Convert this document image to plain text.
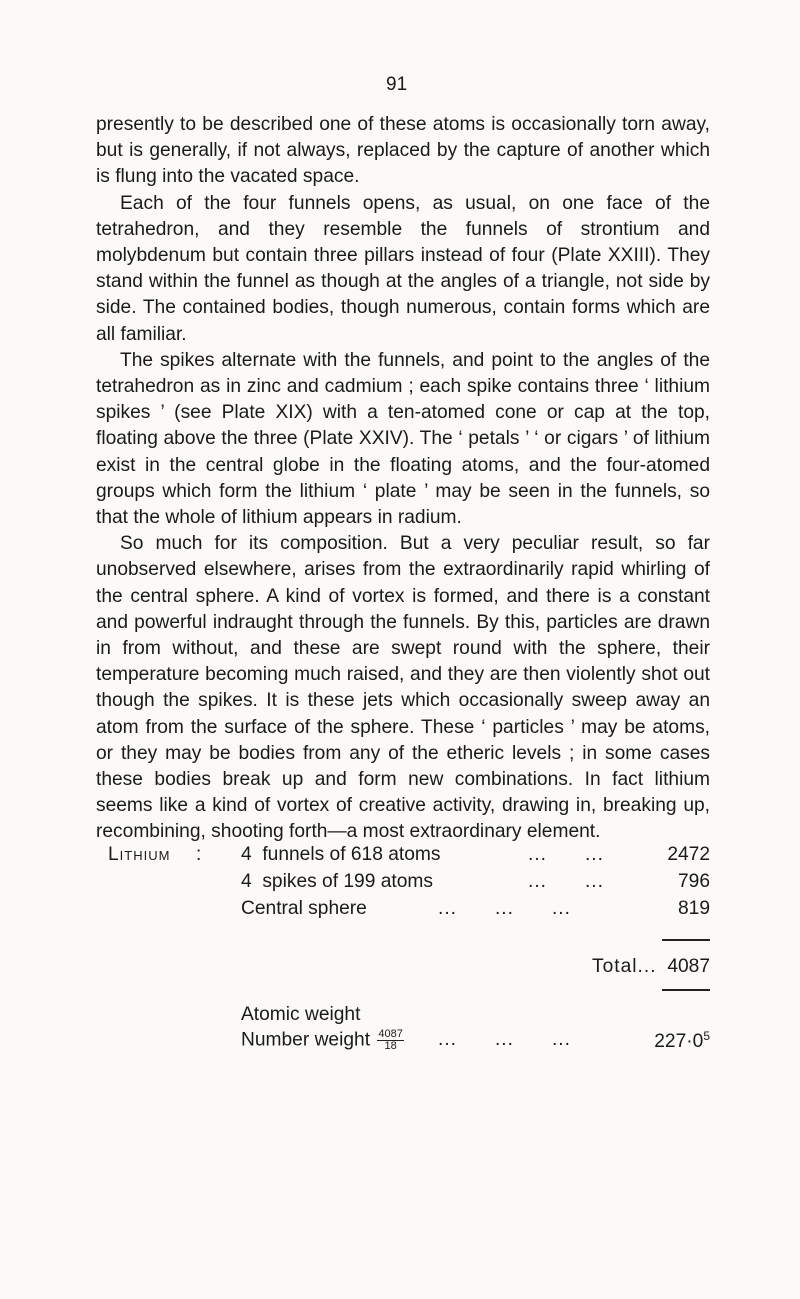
91

presently to be described one of these atoms is occasionally torn away, but is generally, if not always, replaced by the capture of another which is flung into the vacated space.

Each of the four funnels opens, as usual, on one face of the tetrahedron, and they resemble the funnels of strontium and molybdenum but contain three pillars instead of four (Plate XXIII). They stand within the funnel as though at the angles of a triangle, not side by side. The contained bodies, though numerous, contain forms which are all familiar.

The spikes alternate with the funnels, and point to the angles of the tetrahedron as in zinc and cadmium ; each spike contains three ‘ lithium spikes ’ (see Plate XIX) with a ten-atomed cone or cap at the top, floating above the three (Plate XXIV). The ‘ petals ’ ‘ or cigars ’ of lithium exist in the central globe in the floating atoms, and the four-atomed groups which form the lithium ‘ plate ’ may be seen in the funnels, so that the whole of lithium appears in radium.

So much for its composition. But a very peculiar result, so far unobserved elsewhere, arises from the extraordinarily rapid whirling of the central sphere. A kind of vortex is formed, and there is a constant and powerful indraught through the funnels. By this, particles are drawn in from without, and these are swept round with the sphere, their temperature becoming much raised, and they are then violently shot out though the spikes. It is these jets which occasionally sweep away an atom from the surface of the sphere. These ‘ particles ’ may be atoms, or they may be bodies from any of the etheric levels ; in some cases these bodies break up and form new combinations. In fact lithium seems like a kind of vortex of creative activity, drawing in, breaking up, recombining, shooting forth—a most extraordinary element.

Lithium : 4  funnels of 618 atoms	...      ...	2472
4  spikes of 199 atoms	...      ...	796
Central sphere	...      ...      ...	819
Total... 4087
Atomic weight
Number weight $\frac{4087}{18}$ ...      ...      ...	$227\cdot 0^5$
